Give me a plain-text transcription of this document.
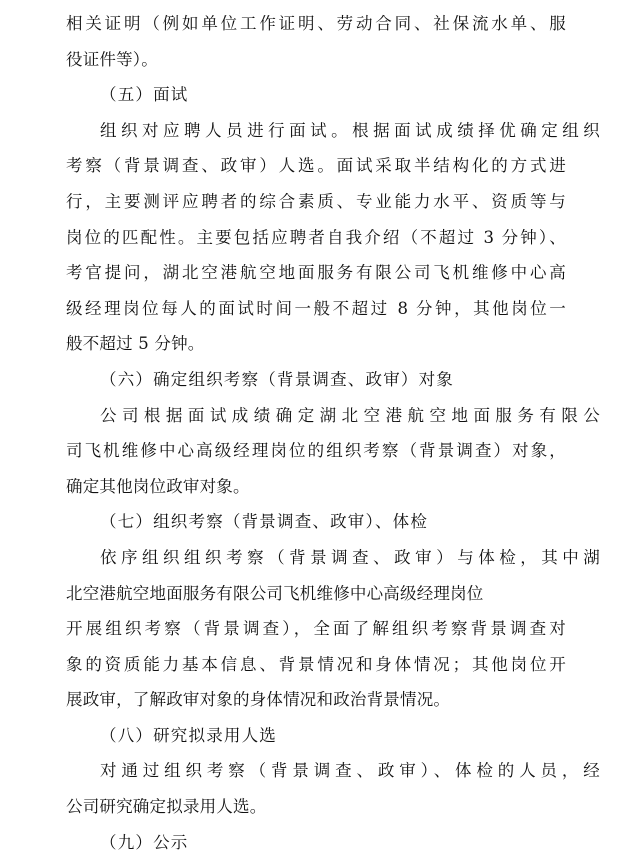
相关证明（例如单位工作证明、劳动合同、社保流水单、服
役证件等）。
（五）面试
组织对应聘人员进行面试。根据面试成绩择优确定组织
考察（背景调查、政审）人选。面试采取半结构化的方式进
行，主要测评应聘者的综合素质、专业能力水平、资质等与
岗位的匹配性。主要包括应聘者自我介绍（不超过 3 分钟）、
考官提问，湖北空港航空地面服务有限公司飞机维修中心高
级经理岗位每人的面试时间一般不超过 8 分钟，其他岗位一
般不超过 5 分钟。
（六）确定组织考察（背景调查、政审）对象
公司根据面试成绩确定湖北空港航空地面服务有限公
司飞机维修中心高级经理岗位的组织考察（背景调查）对象，
确定其他岗位政审对象。
（七）组织考察（背景调查、政审）、体检
依序组织组织考察（背景调查、政审）与体检，其中湖
北空港航空地面服务有限公司飞机维修中心高级经理岗位
开展组织考察（背景调查），全面了解组织考察背景调查对
象的资质能力基本信息、背景情况和身体情况；其他岗位开
展政审，了解政审对象的身体情况和政治背景情况。
（八）研究拟录用人选
对通过组织考察（背景调查、政审）、体检的人员，经
公司研究确定拟录用人选。
（九）公示
